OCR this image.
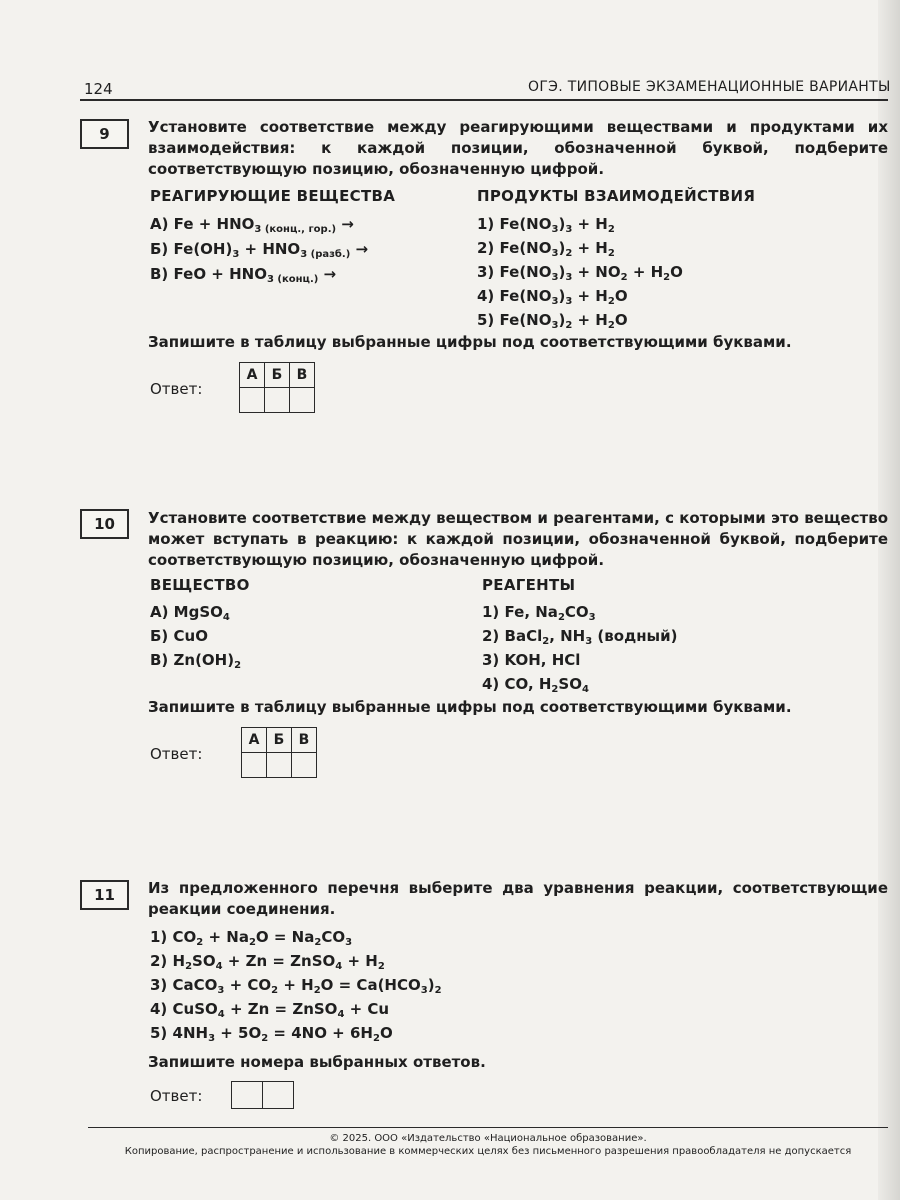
124	ОГЭ. ТИПОВЫЕ ЭКЗАМЕНАЦИОННЫЕ ВАРИАНТЫ
9	Установите соответствие между реагирующими веществами и продуктами их взаимодействия: к каждой позиции, обозначенной буквой, подберите соответствующую позицию, обозначенную цифрой.
РЕАГИРУЮЩИЕ ВЕЩЕСТВА	ПРОДУКТЫ ВЗАИМОДЕЙСТВИЯ
А) $Fe + HNO_3$ $_{(конц., гор.)}$ →
Б) $Fe(OH)_3 + HNO_3$ $_{(разб.)}$ →
В) FeO + $HNO_3$ $_{(конц.)}$ →
1) $Fe(NO_3)_3 + H_2$
2) $Fe(NO_3)_2 + H_2$
3) $Fe(NO_3)_3 + NO_2 + H_2O$
4) $Fe(NO_3)_3 + H_2O$
5) $Fe(NO_3)_2 + H_2O$
Запишите в таблицу выбранные цифры под соответствующими буквами.
Ответ:
А	Б	В

10	Установите соответствие между веществом и реагентами, с которыми это вещество может вступать в реакцию: к каждой позиции, обозначенной буквой, подберите соответствующую позицию, обозначенную цифрой.
ВЕЩЕСТВО	РЕАГЕНТЫ
А) MgSO$_4$
Б) CuO
В) $Zn(OH)_2$
1) Fe, $Na_2CO_3$
2) BaCl$_2$, $NH_3$ (водный)
3) KOH, HCl
4) CO, $H_2SO_4$
Запишите в таблицу выбранные цифры под соответствующими буквами.
Ответ:
А	Б	В

11	Из предложенного перечня выберите два уравнения реакции, соответствующие реакции соединения.
1) $CO_2 + Na_2O = Na_2CO_3$
2) $H_2SO_4 + Zn$ = ZnSO$_4$ + $H_2$
3) CaCO$_3$ + $CO_2 + H_2O = Ca(HCO_3)_2$
4) CuSO$_4$ + Zn = ZnSO$_4$ + Cu
5) $4NH_3 + 5O_2 = 4NO + 6H_2O$
Запишите номера выбранных ответов.
Ответ:

© 2025. ООО «Издательство «Национальное образование».
Копирование, распространение и использование в коммерческих целях без письменного разрешения правообладателя не допускается
